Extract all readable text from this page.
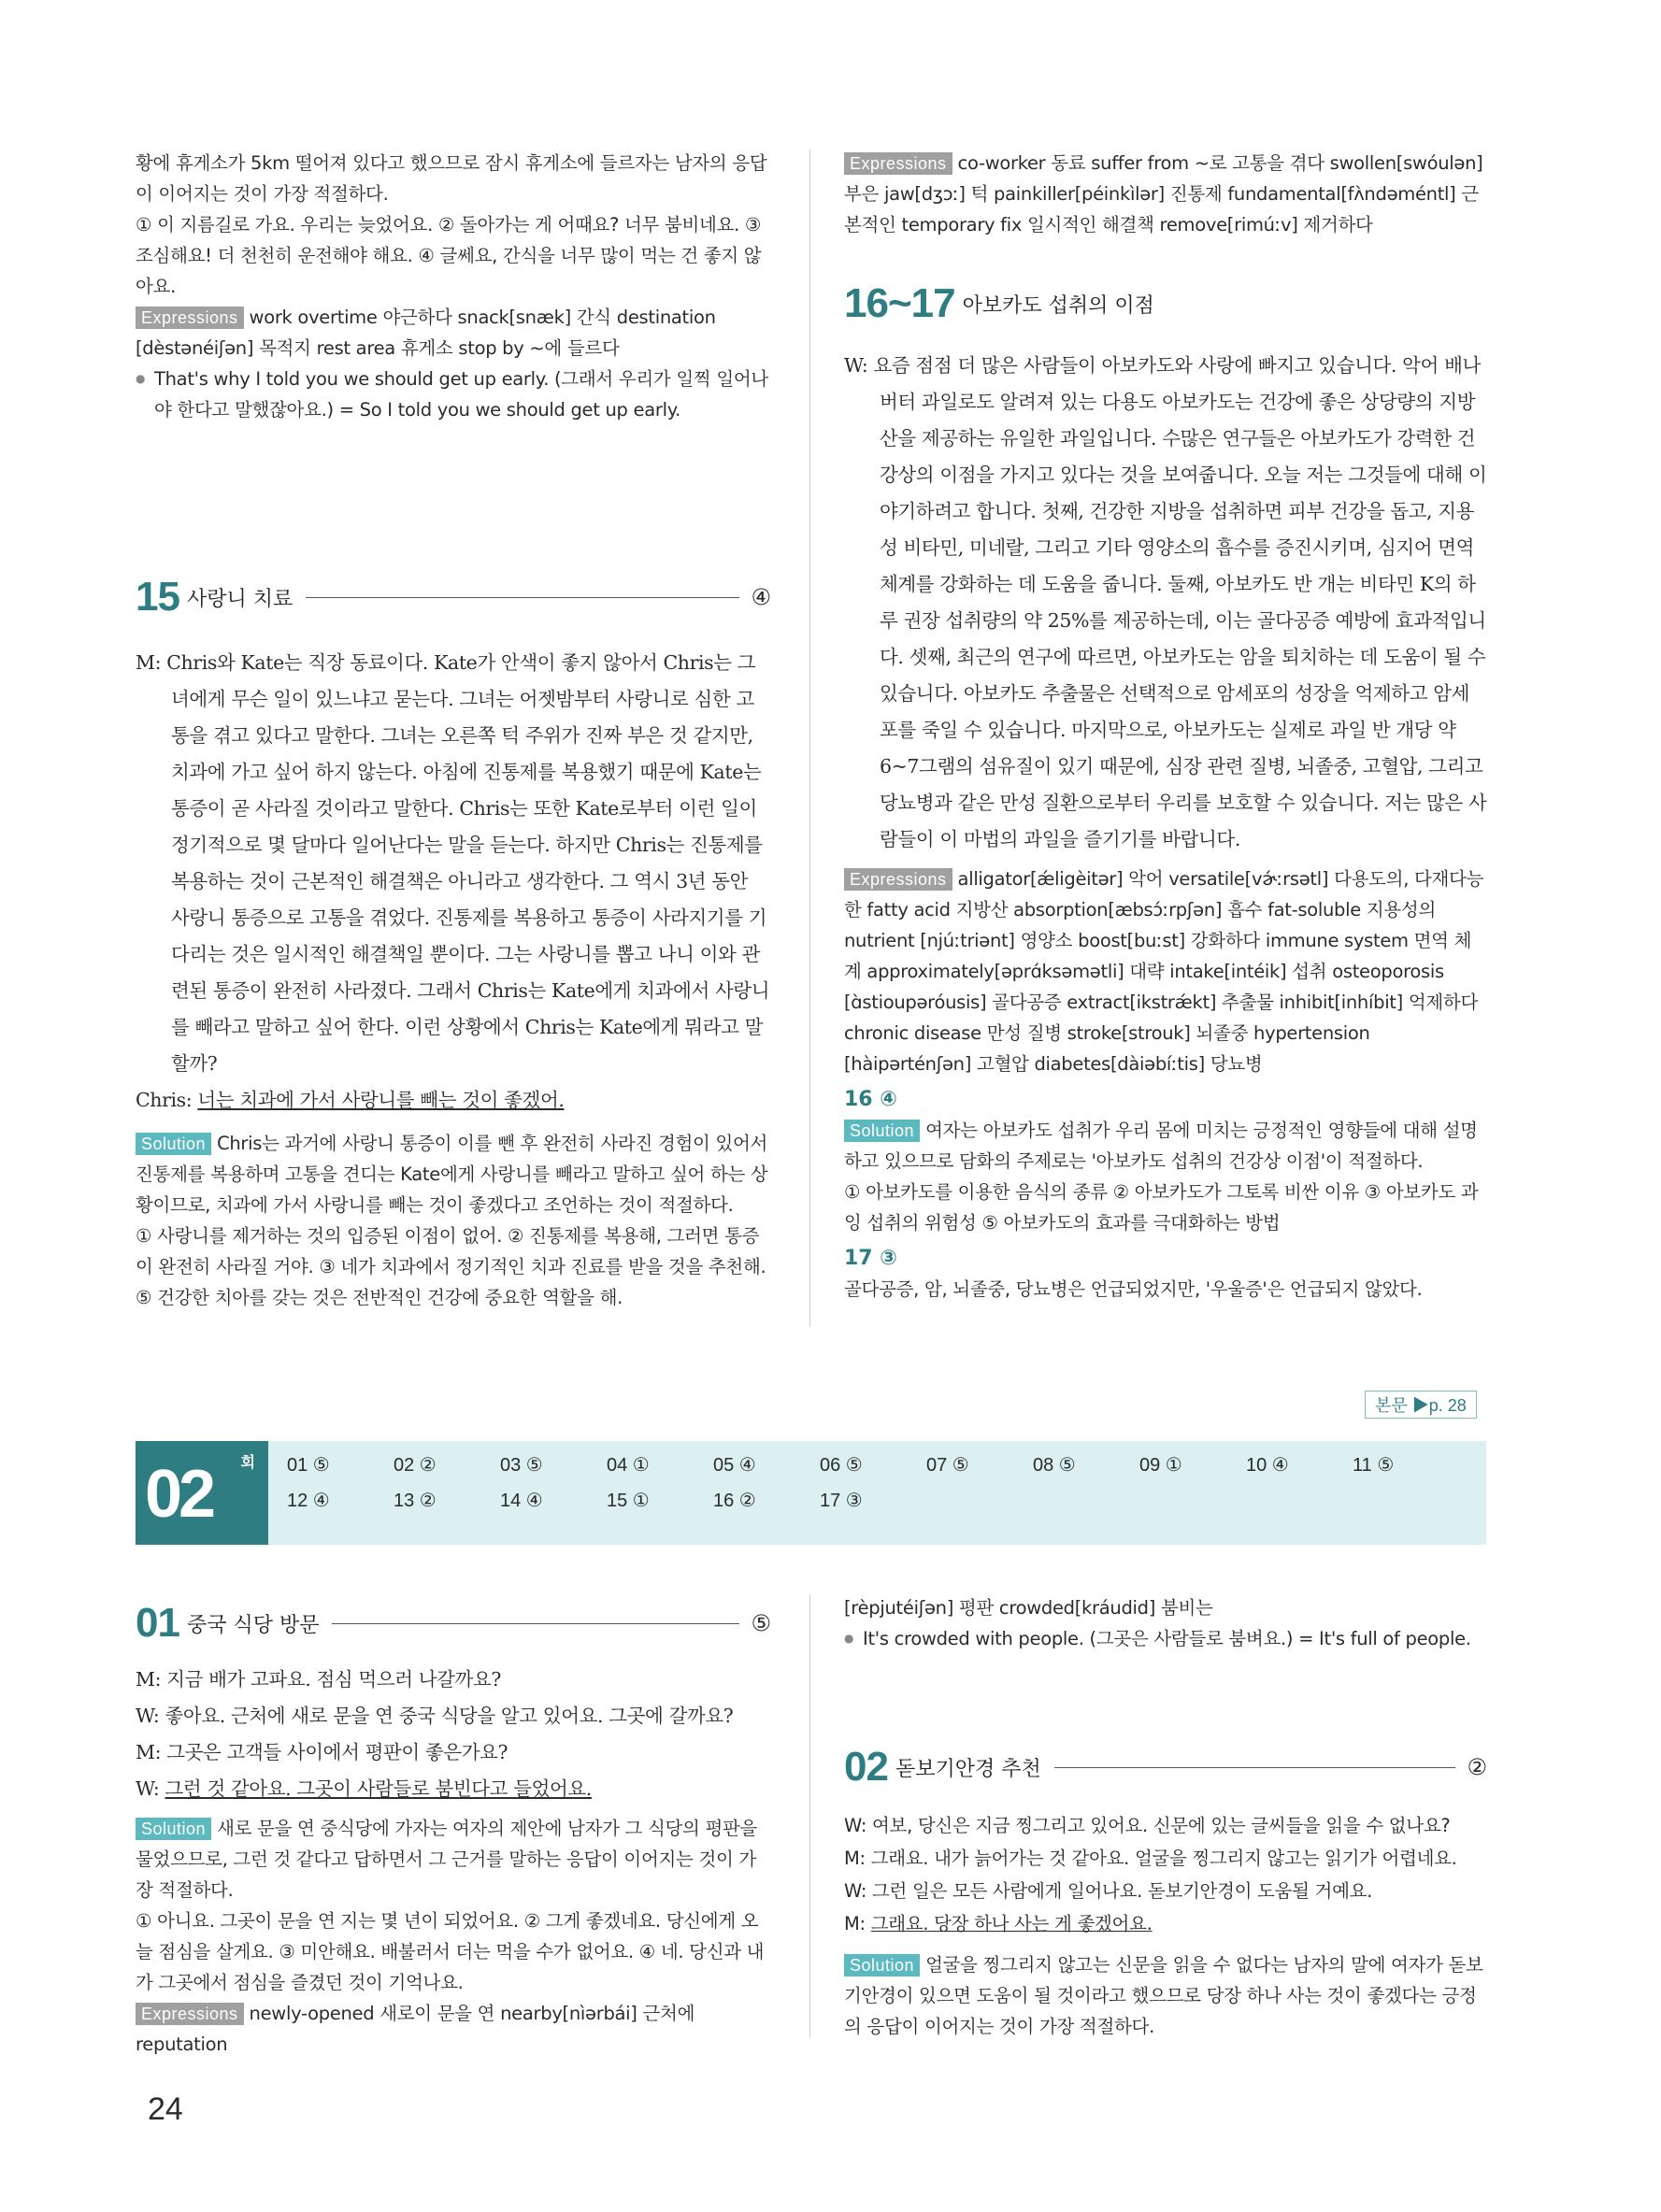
황에 휴게소가 5km 떨어져 있다고 했으므로 잠시 휴게소에 들르자는 남자의 응답이 이어지는 것이 가장 적절하다.

① 이 지름길로 가요. 우리는 늦었어요. ② 돌아가는 게 어때요? 너무 붐비네요. ③ 조심해요! 더 천천히 운전해야 해요. ④ 글쎄요, 간식을 너무 많이 먹는 건 좋지 않아요.

Expressions work overtime 야근하다 snack[snæk] 간식 destination [dèstənéiʃən] 목적지 rest area 휴게소 stop by ~에 들르다

● That's why I told you we should get up early. (그래서 우리가 일찍 일어나야 한다고 말했잖아요.) = So I told you we should get up early.

15 사랑니 치료	④

M: Chris와 Kate는 직장 동료이다. Kate가 안색이 좋지 않아서 Chris는 그녀에게 무슨 일이 있느냐고 묻는다. 그녀는 어젯밤부터 사랑니로 심한 고통을 겪고 있다고 말한다. 그녀는 오른쪽 턱 주위가 진짜 부은 것 같지만, 치과에 가고 싶어 하지 않는다. 아침에 진통제를 복용했기 때문에 Kate는 통증이 곧 사라질 것이라고 말한다. Chris는 또한 Kate로부터 이런 일이 정기적으로 몇 달마다 일어난다는 말을 듣는다. 하지만 Chris는 진통제를 복용하는 것이 근본적인 해결책은 아니라고 생각한다. 그 역시 3년 동안 사랑니 통증으로 고통을 겪었다. 진통제를 복용하고 통증이 사라지기를 기다리는 것은 일시적인 해결책일 뿐이다. 그는 사랑니를 뽑고 나니 이와 관련된 통증이 완전히 사라졌다. 그래서 Chris는 Kate에게 치과에서 사랑니를 빼라고 말하고 싶어 한다. 이런 상황에서 Chris는 Kate에게 뭐라고 말할까?

Chris: 너는 치과에 가서 사랑니를 빼는 것이 좋겠어.

Solution Chris는 과거에 사랑니 통증이 이를 뺀 후 완전히 사라진 경험이 있어서 진통제를 복용하며 고통을 견디는 Kate에게 사랑니를 빼라고 말하고 싶어 하는 상황이므로, 치과에 가서 사랑니를 빼는 것이 좋겠다고 조언하는 것이 적절하다.

① 사랑니를 제거하는 것의 입증된 이점이 없어. ② 진통제를 복용해, 그러면 통증이 완전히 사라질 거야. ③ 네가 치과에서 정기적인 치과 진료를 받을 것을 추천해. ⑤ 건강한 치아를 갖는 것은 전반적인 건강에 중요한 역할을 해.

Expressions co-worker 동료 suffer from ~로 고통을 겪다 swollen[swóulən] 부은 jaw[dʒɔː] 턱 painkiller[péinkìlər] 진통제 fundamental[fʌ̀ndəméntl] 근본적인 temporary fix 일시적인 해결책 remove[rimúːv] 제거하다

16~17 아보카도 섭취의 이점

W: 요즘 점점 더 많은 사람들이 아보카도와 사랑에 빠지고 있습니다. 악어 배나 버터 과일로도 알려져 있는 다용도 아보카도는 건강에 좋은 상당량의 지방산을 제공하는 유일한 과일입니다. 수많은 연구들은 아보카도가 강력한 건강상의 이점을 가지고 있다는 것을 보여줍니다. 오늘 저는 그것들에 대해 이야기하려고 합니다. 첫째, 건강한 지방을 섭취하면 피부 건강을 돕고, 지용성 비타민, 미네랄, 그리고 기타 영양소의 흡수를 증진시키며, 심지어 면역 체계를 강화하는 데 도움을 줍니다. 둘째, 아보카도 반 개는 비타민 K의 하루 권장 섭취량의 약 25%를 제공하는데, 이는 골다공증 예방에 효과적입니다. 셋째, 최근의 연구에 따르면, 아보카도는 암을 퇴치하는 데 도움이 될 수 있습니다. 아보카도 추출물은 선택적으로 암세포의 성장을 억제하고 암세포를 죽일 수 있습니다. 마지막으로, 아보카도는 실제로 과일 반 개당 약 6~7그램의 섬유질이 있기 때문에, 심장 관련 질병, 뇌졸중, 고혈압, 그리고 당뇨병과 같은 만성 질환으로부터 우리를 보호할 수 있습니다. 저는 많은 사람들이 이 마법의 과일을 즐기기를 바랍니다.

Expressions alligator[ǽligèitər] 악어 versatile[vɚ́ːrsətl] 다용도의, 다재다능한 fatty acid 지방산 absorption[æbsɔ́ːrpʃən] 흡수 fat-soluble 지용성의 nutrient [njúːtriənt] 영양소 boost[buːst] 강화하다 immune system 면역 체계 approximately[əprɑ́ksəmətli] 대략 intake[intéik] 섭취 osteoporosis [ɑ̀stioupəróusis] 골다공증 extract[ikstrǽkt] 추출물 inhibit[inhíbit] 억제하다 chronic disease 만성 질병 stroke[strouk] 뇌졸중 hypertension [hàipərténʃən] 고혈압 diabetes[dàiəbíːtis] 당뇨병

16 ④

Solution 여자는 아보카도 섭취가 우리 몸에 미치는 긍정적인 영향들에 대해 설명하고 있으므로 담화의 주제로는 '아보카도 섭취의 건강상 이점'이 적절하다.

① 아보카도를 이용한 음식의 종류 ② 아보카도가 그토록 비싼 이유 ③ 아보카도 과잉 섭취의 위험성 ⑤ 아보카도의 효과를 극대화하는 방법

17 ③

골다공증, 암, 뇌졸중, 당뇨병은 언급되었지만, '우울증'은 언급되지 않았다.

본문 ▶p. 28
02 회 01 ⑤	02 ②	03 ⑤	04 ①	05 ④	06 ⑤	07 ⑤	08 ⑤	09 ①	10 ④	11 ⑤
12 ④	13 ②	14 ④	15 ①	16 ②	17 ③
01 중국 식당 방문	⑤

M: 지금 배가 고파요. 점심 먹으러 나갈까요?

W: 좋아요. 근처에 새로 문을 연 중국 식당을 알고 있어요. 그곳에 갈까요?

M: 그곳은 고객들 사이에서 평판이 좋은가요?

W: 그런 것 같아요. 그곳이 사람들로 붐빈다고 들었어요.

Solution 새로 문을 연 중식당에 가자는 여자의 제안에 남자가 그 식당의 평판을 물었으므로, 그런 것 같다고 답하면서 그 근거를 말하는 응답이 이어지는 것이 가장 적절하다.

① 아니요. 그곳이 문을 연 지는 몇 년이 되었어요. ② 그게 좋겠네요. 당신에게 오늘 점심을 살게요. ③ 미안해요. 배불러서 더는 먹을 수가 없어요. ④ 네. 당신과 내가 그곳에서 점심을 즐겼던 것이 기억나요.

Expressions newly-opened 새로이 문을 연 nearby[nìərbái] 근처에 reputation

[rèpjutéiʃən] 평판 crowded[kráudid] 붐비는

● It's crowded with people. (그곳은 사람들로 붐벼요.) = It's full of people.

02 돋보기안경 추천	②

W: 여보, 당신은 지금 찡그리고 있어요. 신문에 있는 글씨들을 읽을 수 없나요?

M: 그래요. 내가 늙어가는 것 같아요. 얼굴을 찡그리지 않고는 읽기가 어렵네요.

W: 그런 일은 모든 사람에게 일어나요. 돋보기안경이 도움될 거예요.

M: 그래요. 당장 하나 사는 게 좋겠어요.

Solution 얼굴을 찡그리지 않고는 신문을 읽을 수 없다는 남자의 말에 여자가 돋보기안경이 있으면 도움이 될 것이라고 했으므로 당장 하나 사는 것이 좋겠다는 긍정의 응답이 이어지는 것이 가장 적절하다.

24
